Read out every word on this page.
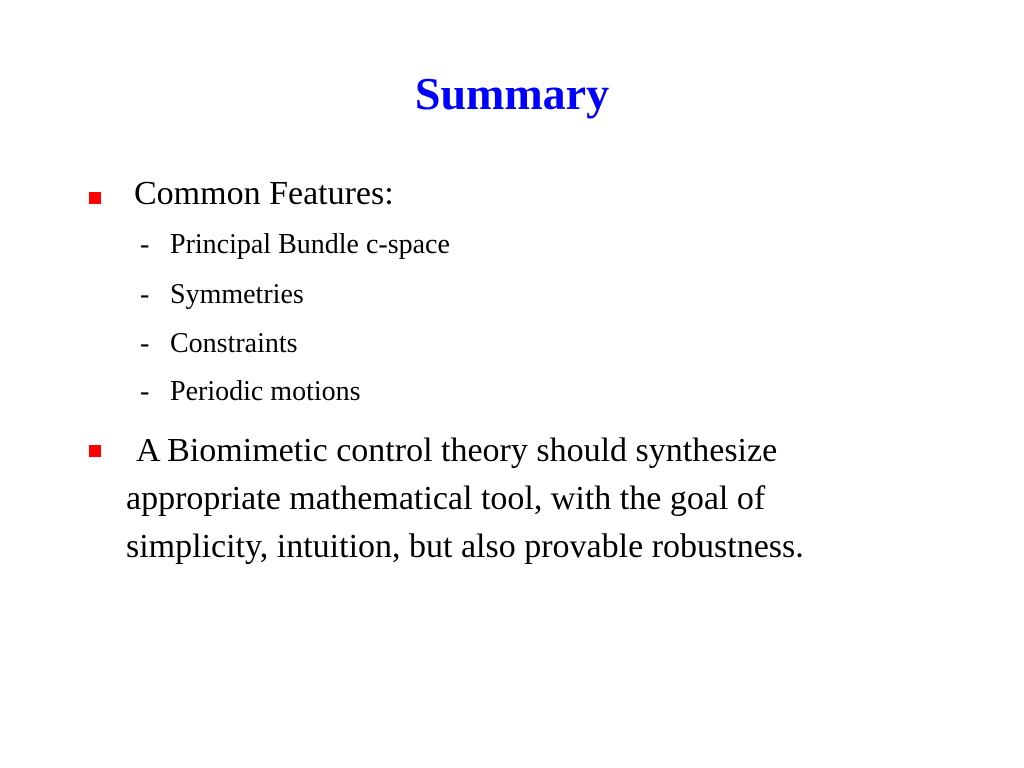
Summary
Common Features:
- Principal Bundle c-space
- Symmetries
- Constraints
- Periodic motions
A Biomimetic control theory should synthesize
appropriate mathematical tool, with the goal of
simplicity, intuition, but also provable robustness.
